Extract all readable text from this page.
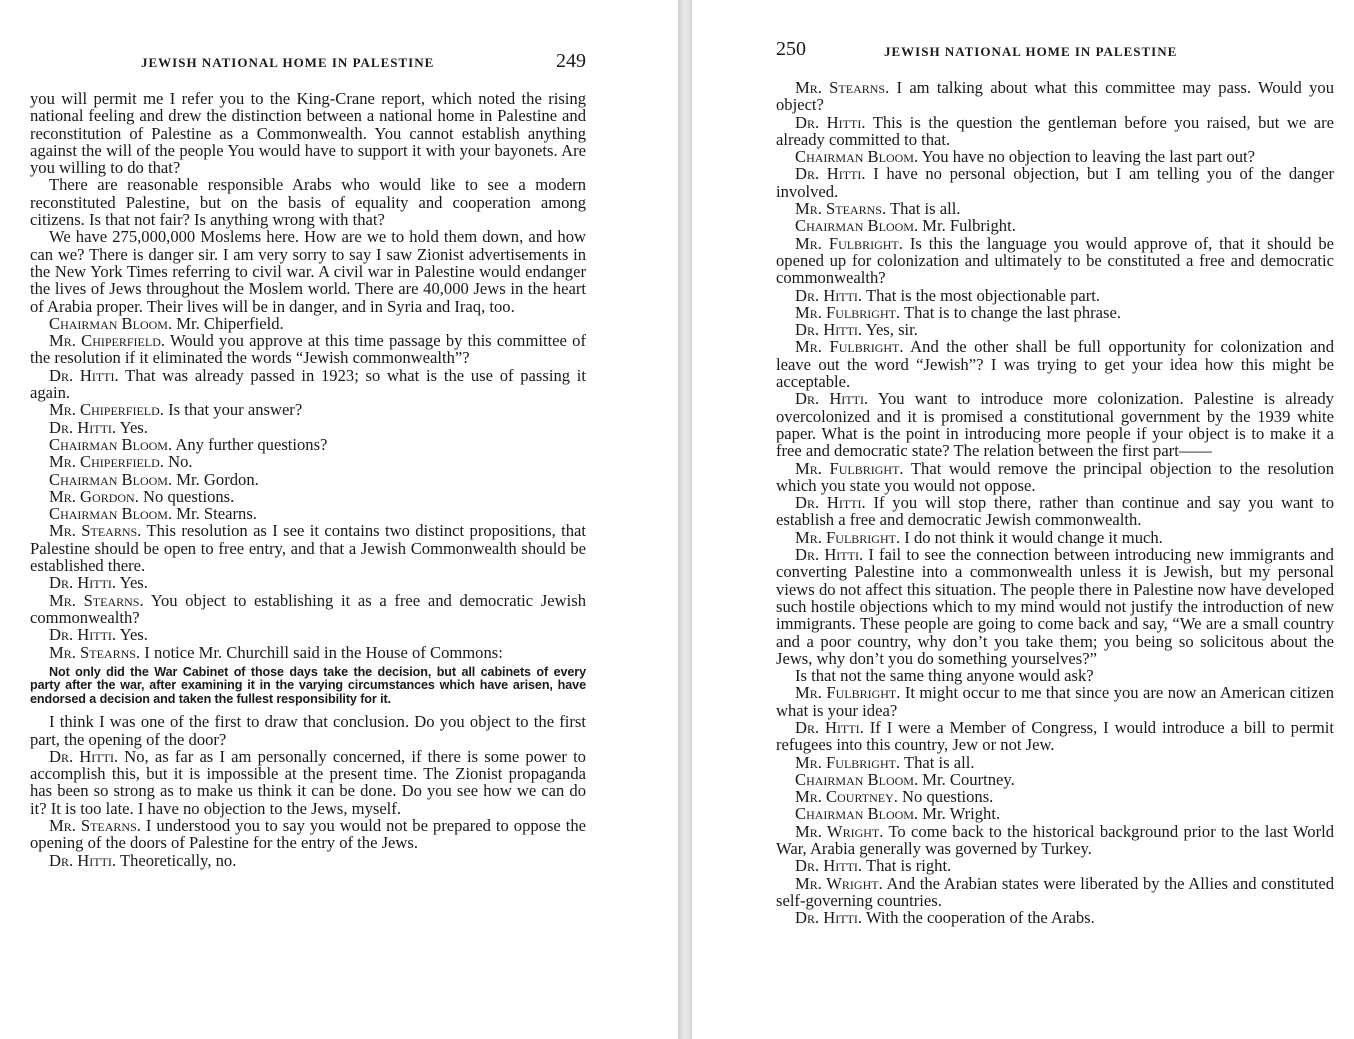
JEWISH NATIONAL HOME IN PALESTINE	249

you will permit me I refer you to the King-Crane report, which noted the rising national feeling and drew the distinction between a national home in Palestine and reconstitution of Palestine as a Commonwealth. You cannot establish anything against the will of the people You would have to support it with your bayonets. Are you willing to do that?

There are reasonable responsible Arabs who would like to see a modern reconstituted Palestine, but on the basis of equality and cooperation among citizens. Is that not fair? Is anything wrong with that?

We have 275,000,000 Moslems here. How are we to hold them down, and how can we? There is danger sir. I am very sorry to say I saw Zionist advertisements in the New York Times referring to civil war. A civil war in Palestine would endanger the lives of Jews throughout the Moslem world. There are 40,000 Jews in the heart of Arabia proper. Their lives will be in danger, and in Syria and Iraq, too.

Chairman Bloom. Mr. Chiperfield.

Mr. Chiperfield. Would you approve at this time passage by this committee of the resolution if it eliminated the words “Jewish commonwealth”?

Dr. Hitti. That was already passed in 1923; so what is the use of passing it again.

Mr. Chiperfield. Is that your answer?

Dr. Hitti. Yes.

Chairman Bloom. Any further questions?

Mr. Chiperfield. No.

Chairman Bloom. Mr. Gordon.

Mr. Gordon. No questions.

Chairman Bloom. Mr. Stearns.

Mr. Stearns. This resolution as I see it contains two distinct propositions, that Palestine should be open to free entry, and that a Jewish Commonwealth should be established there.

Dr. Hitti. Yes.

Mr. Stearns. You object to establishing it as a free and democratic Jewish commonwealth?

Dr. Hitti. Yes.

Mr. Stearns. I notice Mr. Churchill said in the House of Commons:

Not only did the War Cabinet of those days take the decision, but all cabinets of every party after the war, after examining it in the varying circumstances which have arisen, have endorsed a decision and taken the fullest responsibility for it.

I think I was one of the first to draw that conclusion. Do you object to the first part, the opening of the door?

Dr. Hitti. No, as far as I am personally concerned, if there is some power to accomplish this, but it is impossible at the present time. The Zionist propaganda has been so strong as to make us think it can be done. Do you see how we can do it? It is too late. I have no objection to the Jews, myself.

Mr. Stearns. I understood you to say you would not be prepared to oppose the opening of the doors of Palestine for the entry of the Jews.

Dr. Hitti. Theoretically, no.

250	JEWISH NATIONAL HOME IN PALESTINE

Mr. Stearns. I am talking about what this committee may pass. Would you object?

Dr. Hitti. This is the question the gentleman before you raised, but we are already committed to that.

Chairman Bloom. You have no objection to leaving the last part out?

Dr. Hitti. I have no personal objection, but I am telling you of the danger involved.

Mr. Stearns. That is all.

Chairman Bloom. Mr. Fulbright.

Mr. Fulbright. Is this the language you would approve of, that it should be opened up for colonization and ultimately to be constituted a free and democratic commonwealth?

Dr. Hitti. That is the most objectionable part.

Mr. Fulbright. That is to change the last phrase.

Dr. Hitti. Yes, sir.

Mr. Fulbright. And the other shall be full opportunity for colonization and leave out the word “Jewish”? I was trying to get your idea how this might be acceptable.

Dr. Hitti. You want to introduce more colonization. Palestine is already overcolonized and it is promised a constitutional government by the 1939 white paper. What is the point in introducing more people if your object is to make it a free and democratic state? The relation between the first part——

Mr. Fulbright. That would remove the principal objection to the resolution which you state you would not oppose.

Dr. Hitti. If you will stop there, rather than continue and say you want to establish a free and democratic Jewish commonwealth.

Mr. Fulbright. I do not think it would change it much.

Dr. Hitti. I fail to see the connection between introducing new immigrants and converting Palestine into a commonwealth unless it is Jewish, but my personal views do not affect this situation. The people there in Palestine now have developed such hostile objections which to my mind would not justify the introduction of new immigrants. These people are going to come back and say, “We are a small country and a poor country, why don’t you take them; you being so solicitous about the Jews, why don’t you do something yourselves?”

Is that not the same thing anyone would ask?

Mr. Fulbright. It might occur to me that since you are now an American citizen what is your idea?

Dr. Hitti. If I were a Member of Congress, I would introduce a bill to permit refugees into this country, Jew or not Jew.

Mr. Fulbright. That is all.

Chairman Bloom. Mr. Courtney.

Mr. Courtney. No questions.

Chairman Bloom. Mr. Wright.

Mr. Wright. To come back to the historical background prior to the last World War, Arabia generally was governed by Turkey.

Dr. Hitti. That is right.

Mr. Wright. And the Arabian states were liberated by the Allies and constituted self-governing countries.

Dr. Hitti. With the cooperation of the Arabs.
